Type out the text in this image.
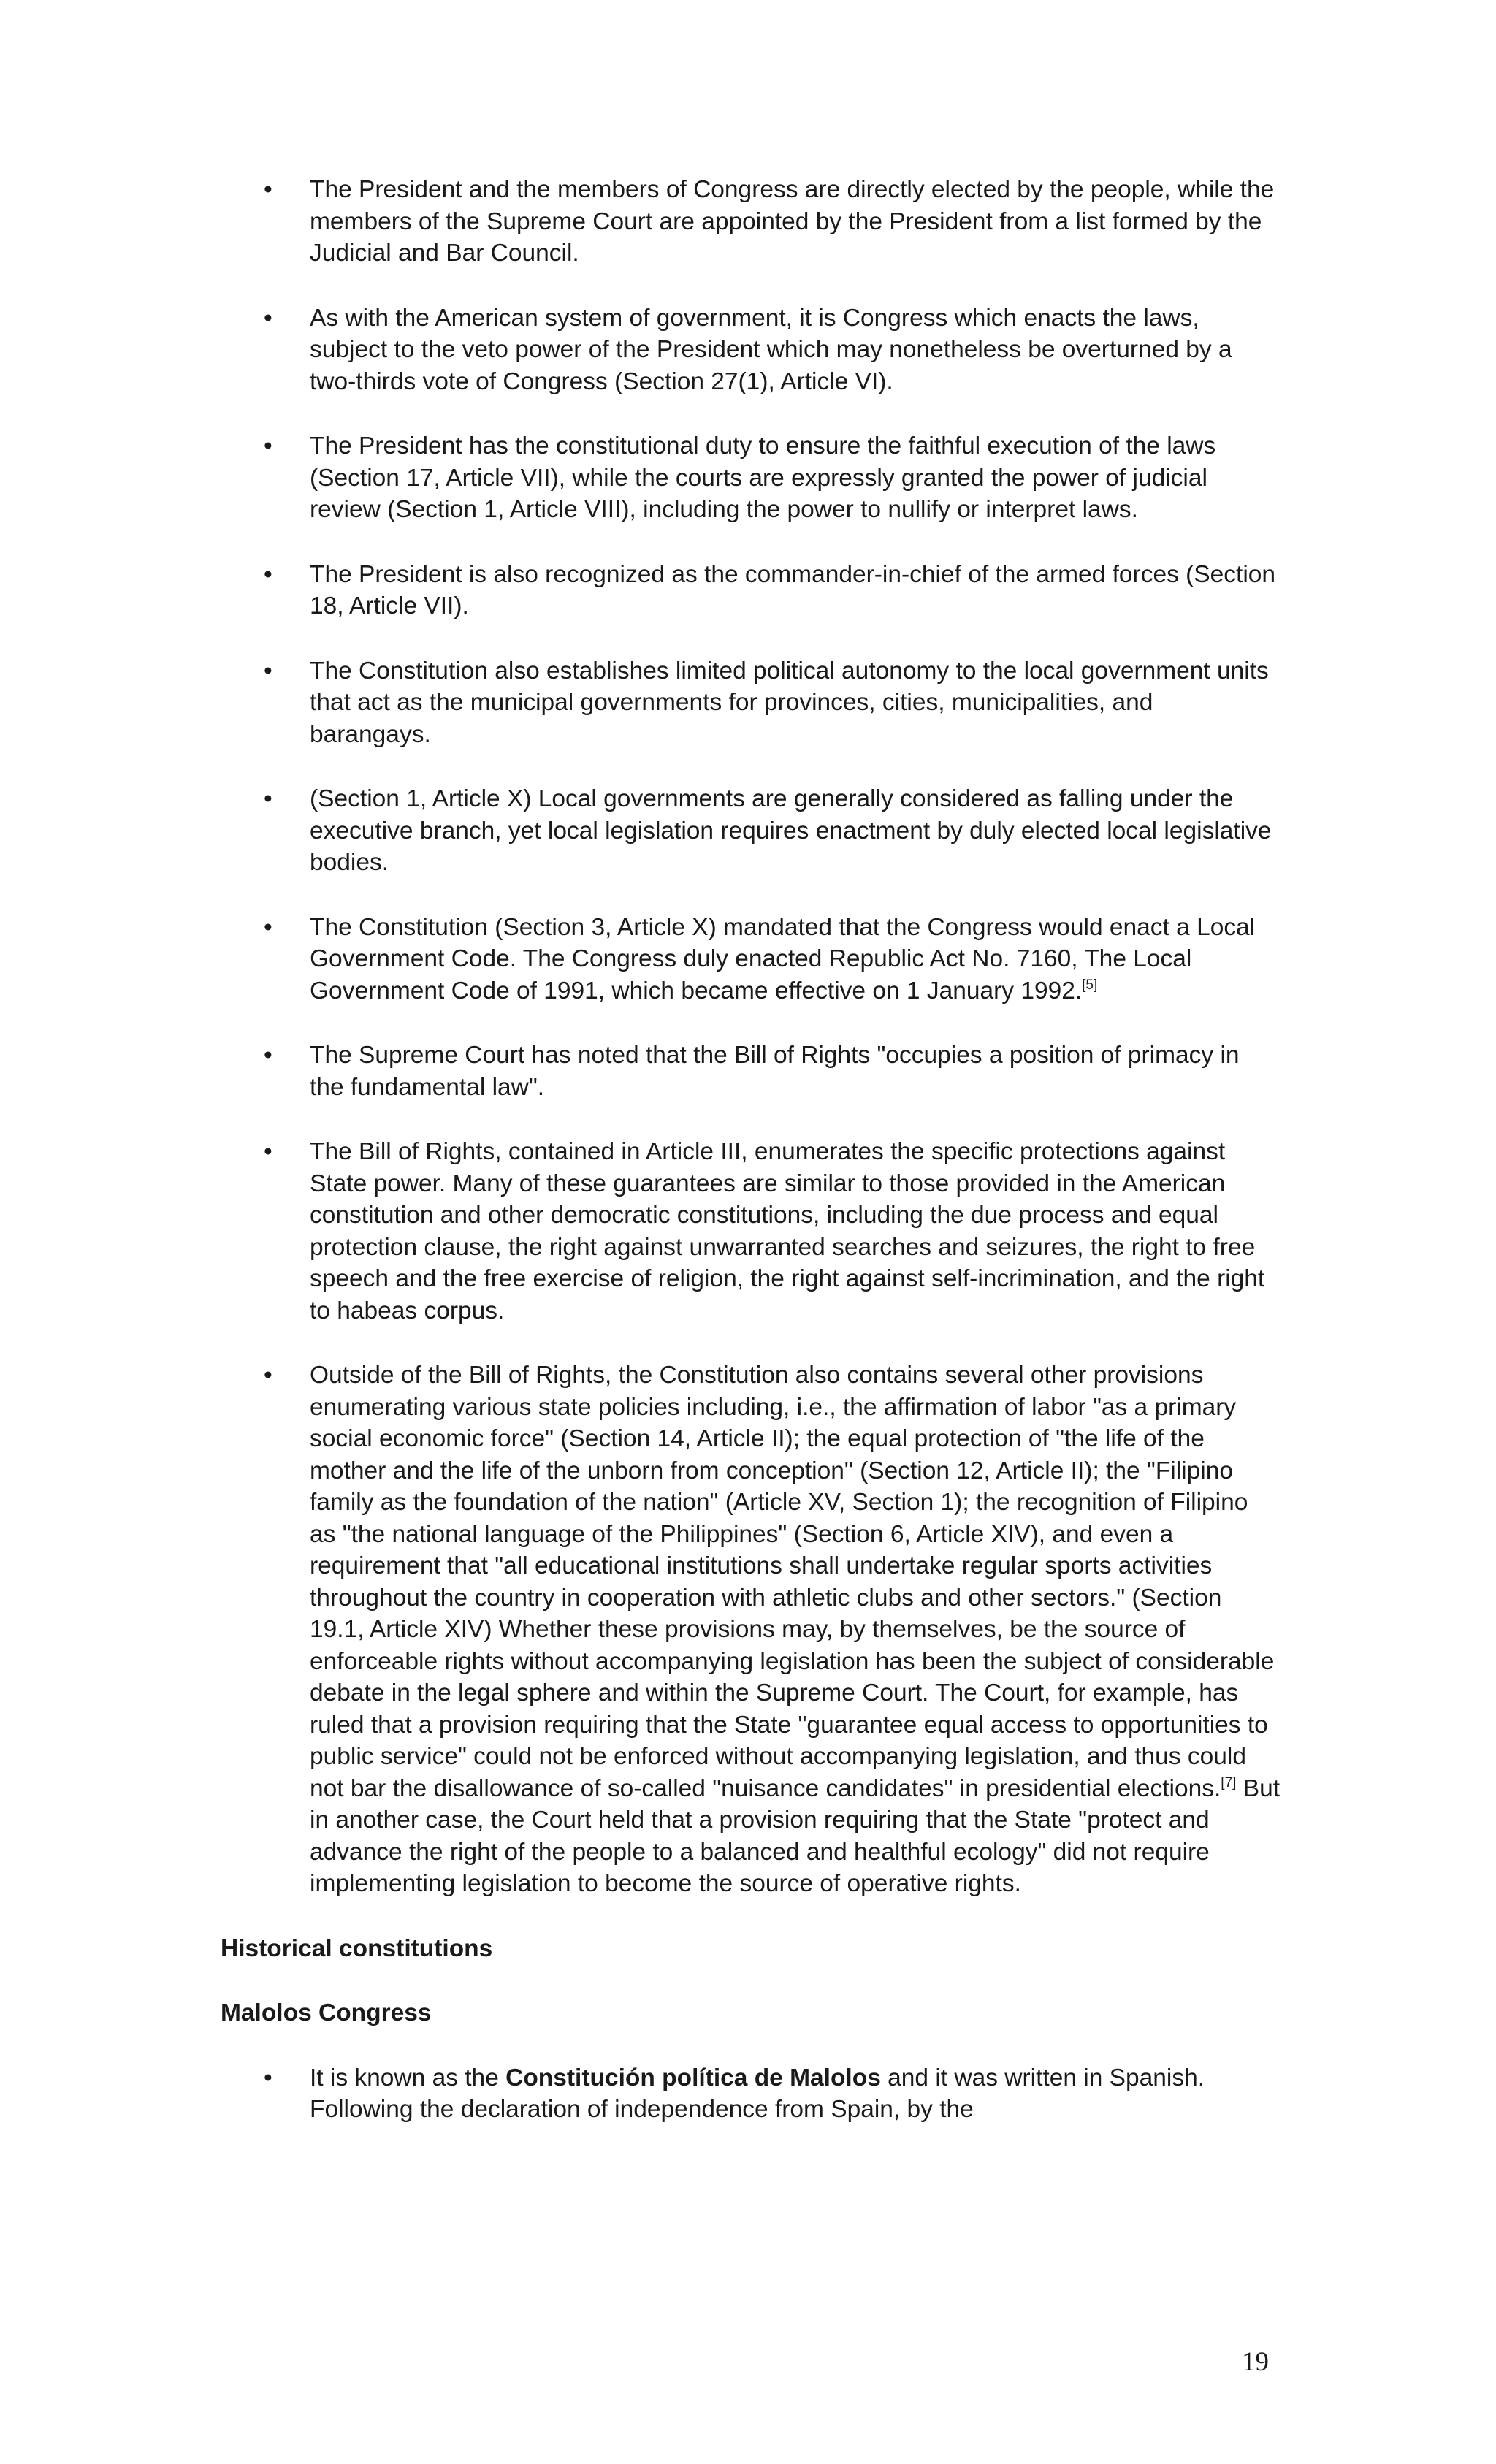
• The President and the members of Congress are directly elected by the people, while the members of the Supreme Court are appointed by the President from a list formed by the Judicial and Bar Council.
• As with the American system of government, it is Congress which enacts the laws, subject to the veto power of the President which may nonetheless be overturned by a two-thirds vote of Congress (Section 27(1), Article VI).
• The President has the constitutional duty to ensure the faithful execution of the laws (Section 17, Article VII), while the courts are expressly granted the power of judicial review (Section 1, Article VIII), including the power to nullify or interpret laws.
• The President is also recognized as the commander-in-chief of the armed forces (Section 18, Article VII).
• The Constitution also establishes limited political autonomy to the local government units that act as the municipal governments for provinces, cities, municipalities, and barangays.
• (Section 1, Article X) Local governments are generally considered as falling under the executive branch, yet local legislation requires enactment by duly elected local legislative bodies.
• The Constitution (Section 3, Article X) mandated that the Congress would enact a Local Government Code. The Congress duly enacted Republic Act No. 7160, The Local Government Code of 1991, which became effective on 1 January 1992.[5]
• The Supreme Court has noted that the Bill of Rights "occupies a position of primacy in the fundamental law".
• The Bill of Rights, contained in Article III, enumerates the specific protections against State power. Many of these guarantees are similar to those provided in the American constitution and other democratic constitutions, including the due process and equal protection clause, the right against unwarranted searches and seizures, the right to free speech and the free exercise of religion, the right against self-incrimination, and the right to habeas corpus.
• Outside of the Bill of Rights, the Constitution also contains several other provisions enumerating various state policies including, i.e., the affirmation of labor "as a primary social economic force" (Section 14, Article II); the equal protection of "the life of the mother and the life of the unborn from conception" (Section 12, Article II); the "Filipino family as the foundation of the nation" (Article XV, Section 1); the recognition of Filipino as "the national language of the Philippines" (Section 6, Article XIV), and even a requirement that "all educational institutions shall undertake regular sports activities throughout the country in cooperation with athletic clubs and other sectors." (Section 19.1, Article XIV) Whether these provisions may, by themselves, be the source of enforceable rights without accompanying legislation has been the subject of considerable debate in the legal sphere and within the Supreme Court. The Court, for example, has ruled that a provision requiring that the State "guarantee equal access to opportunities to public service" could not be enforced without accompanying legislation, and thus could not bar the disallowance of so-called "nuisance candidates" in presidential elections.[7] But in another case, the Court held that a provision requiring that the State "protect and advance the right of the people to a balanced and healthful ecology" did not require implementing legislation to become the source of operative rights.
Historical constitutions
Malolos Congress
• It is known as the Constitución política de Malolos and it was written in Spanish. Following the declaration of independence from Spain, by the
19
